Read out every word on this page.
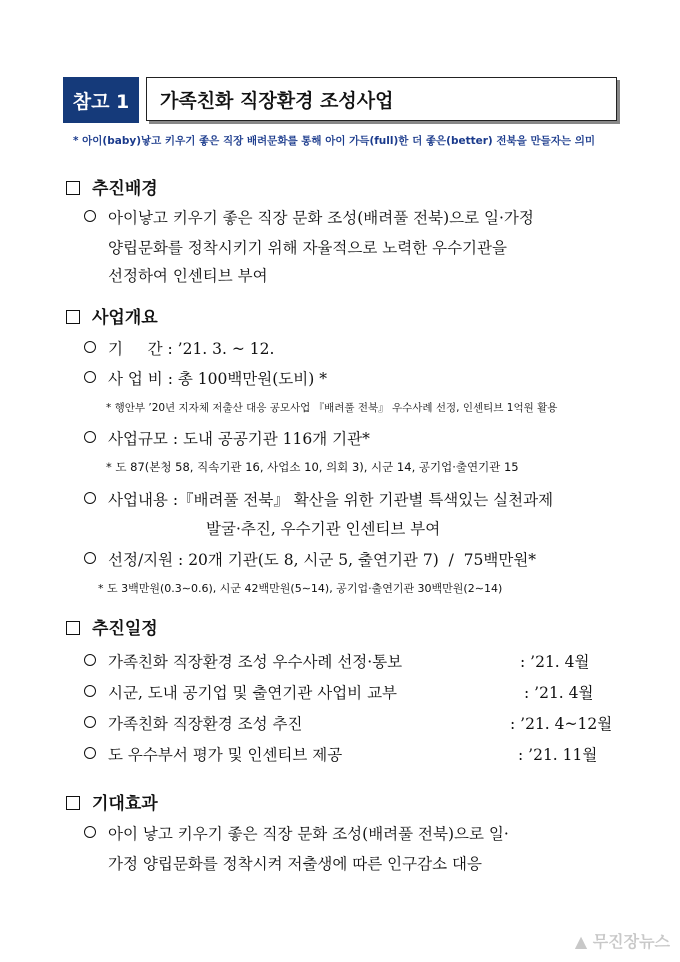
참고 1	가족친화 직장환경 조성사업
* 아이(baby)낳고 키우기 좋은 직장 배려문화를 통해 아이 가득(full)한 더 좋은(better) 전북을 만들자는 의미
추진배경
아이낳고 키우기 좋은 직장 문화 조성(배려풀 전북)으로 일·가정
양립문화를 정착시키기 위해 자율적으로 노력한 우수기관을
선정하여 인센티브 부여
사업개요
기     간 : ’21. 3. ~ 12.
사 업 비 : 총 100백만원(도비) *
* 행안부 ’20년 지자체 저출산 대응 공모사업 『배려풀 전북』 우수사례 선정, 인센티브 1억원 활용
사업규모 : 도내 공공기관 116개 기관*
* 도 87(본청 58, 직속기관 16, 사업소 10, 의회 3), 시군 14, 공기업·출연기관 15
사업내용 :『배려풀 전북』 확산을 위한 기관별 특색있는 실천과제
발굴·추진, 우수기관 인센티브 부여
선정/지원 : 20개 기관(도 8, 시군 5, 출연기관 7)  /  75백만원*
* 도 3백만원(0.3∼0.6), 시군 42백만원(5∼14), 공기업·출연기관 30백만원(2∼14)
추진일정
가족친화 직장환경 조성 우수사례 선정·통보	: ’21. 4월
시군, 도내 공기업 및 출연기관 사업비 교부	: ’21. 4월
가족친화 직장환경 조성 추진	: ’21. 4~12월
도 우수부서 평가 및 인센티브 제공	: ’21. 11월
기대효과
아이 낳고 키우기 좋은 직장 문화 조성(배려풀 전북)으로 일·
가정 양립문화를 정착시켜 저출생에 따른 인구감소 대응
▲ 무진장뉴스
